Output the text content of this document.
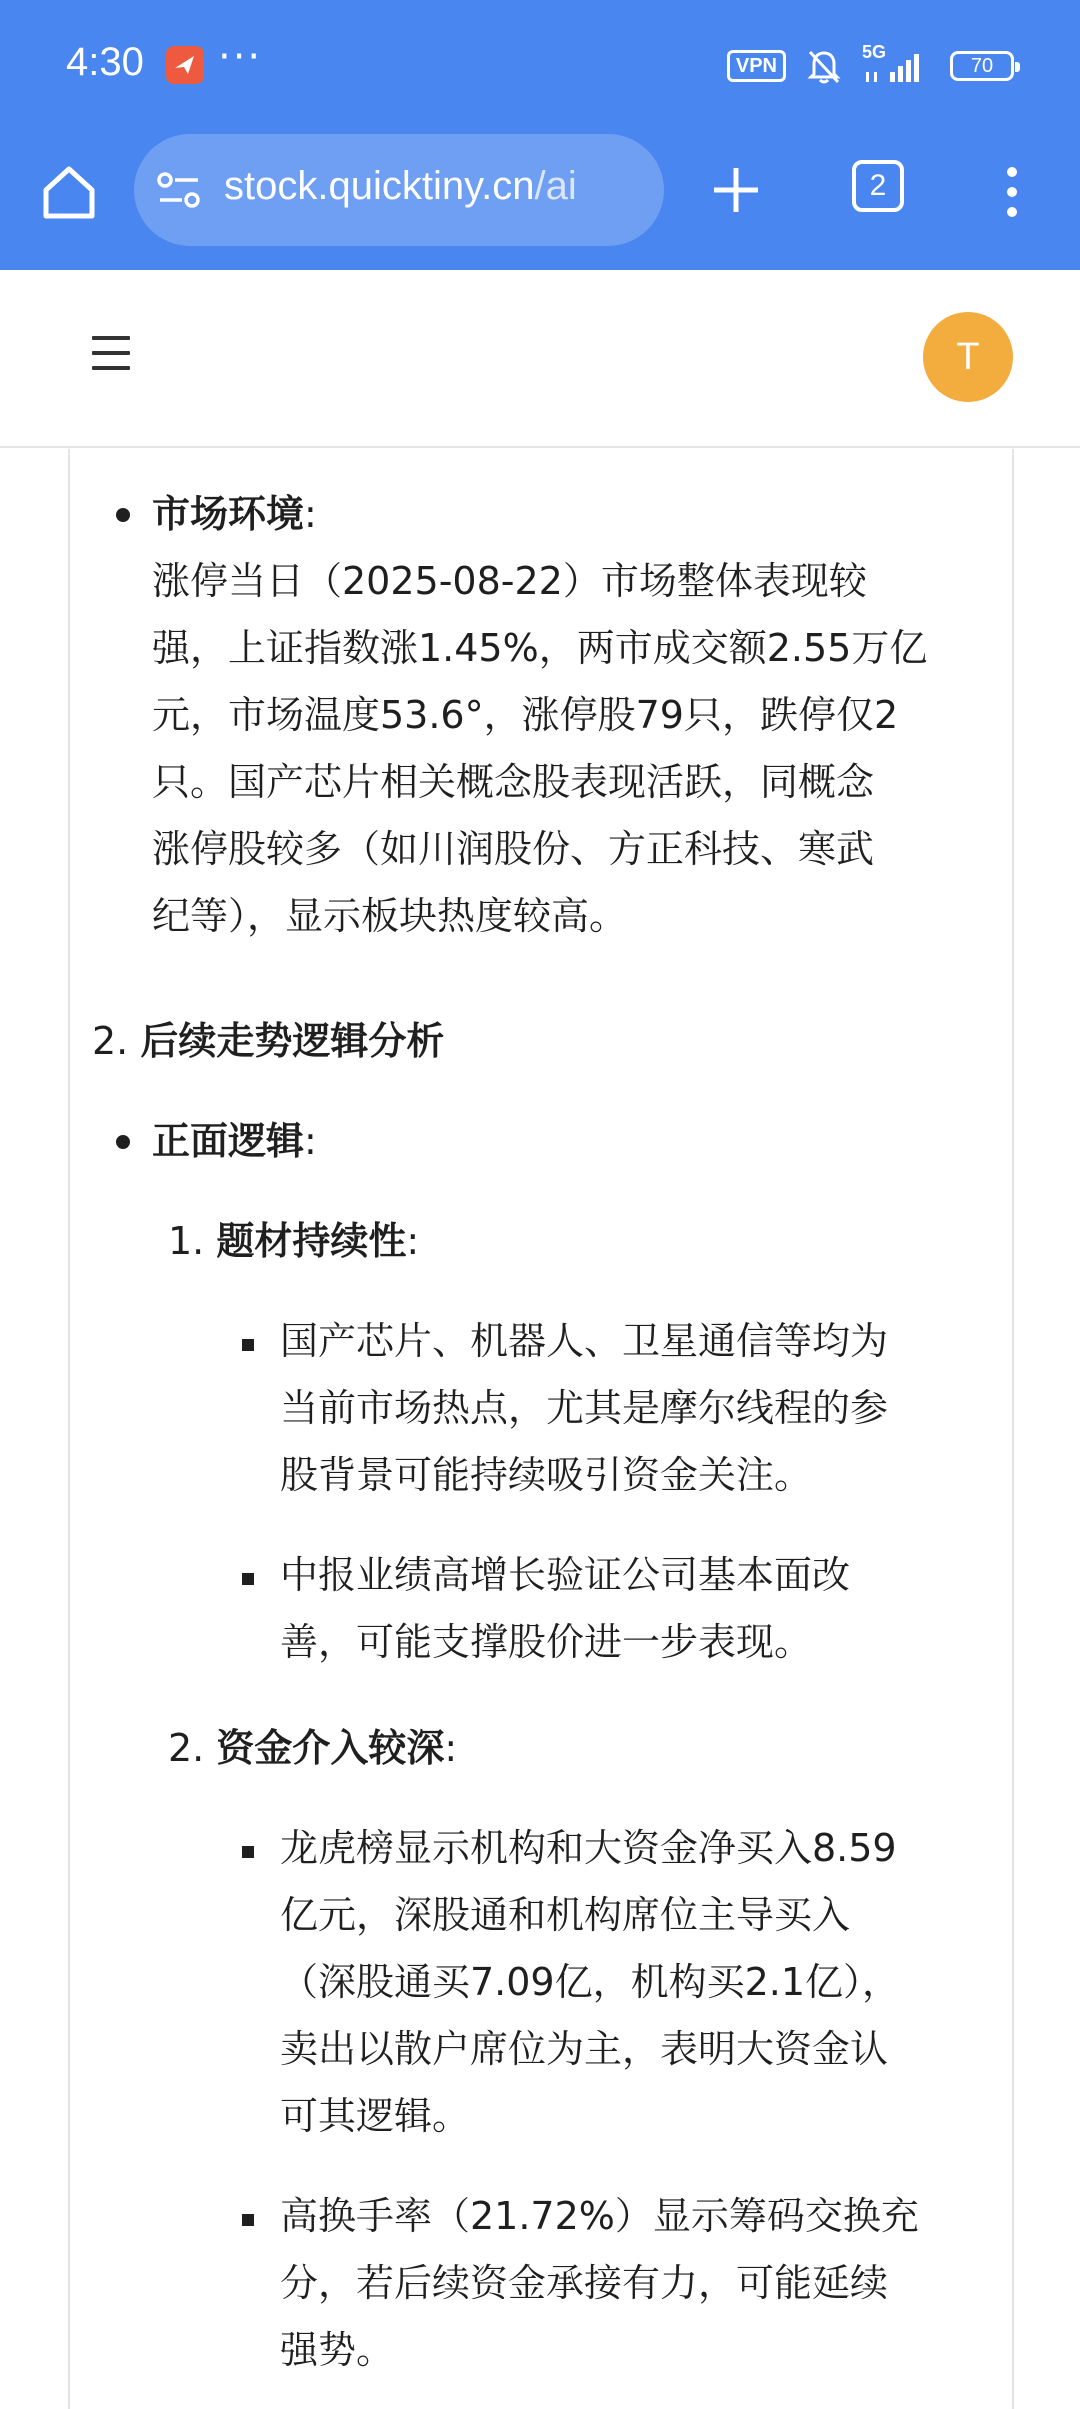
4:30 ···	VPN
5G
70
stock.quicktiny.cn/ai	2
T
市场环境:
涨停当日（2025-08-22）市场整体表现较
强，上证指数涨1.45%，两市成交额2.55万亿
元，市场温度53.6°，涨停股79只，跌停仅2
只。国产芯片相关概念股表现活跃，同概念
涨停股较多（如川润股份、方正科技、寒武
纪等），显示板块热度较高。
2. 后续走势逻辑分析
正面逻辑:
1. 题材持续性:
国产芯片、机器人、卫星通信等均为
当前市场热点，尤其是摩尔线程的参
股背景可能持续吸引资金关注。
中报业绩高增长验证公司基本面改
善，可能支撑股价进一步表现。
2. 资金介入较深:
龙虎榜显示机构和大资金净买入8.59
亿元，深股通和机构席位主导买入
（深股通买7.09亿，机构买2.1亿），
卖出以散户席位为主，表明大资金认
可其逻辑。
高换手率（21.72%）显示筹码交换充
分，若后续资金承接有力，可能延续
强势。
